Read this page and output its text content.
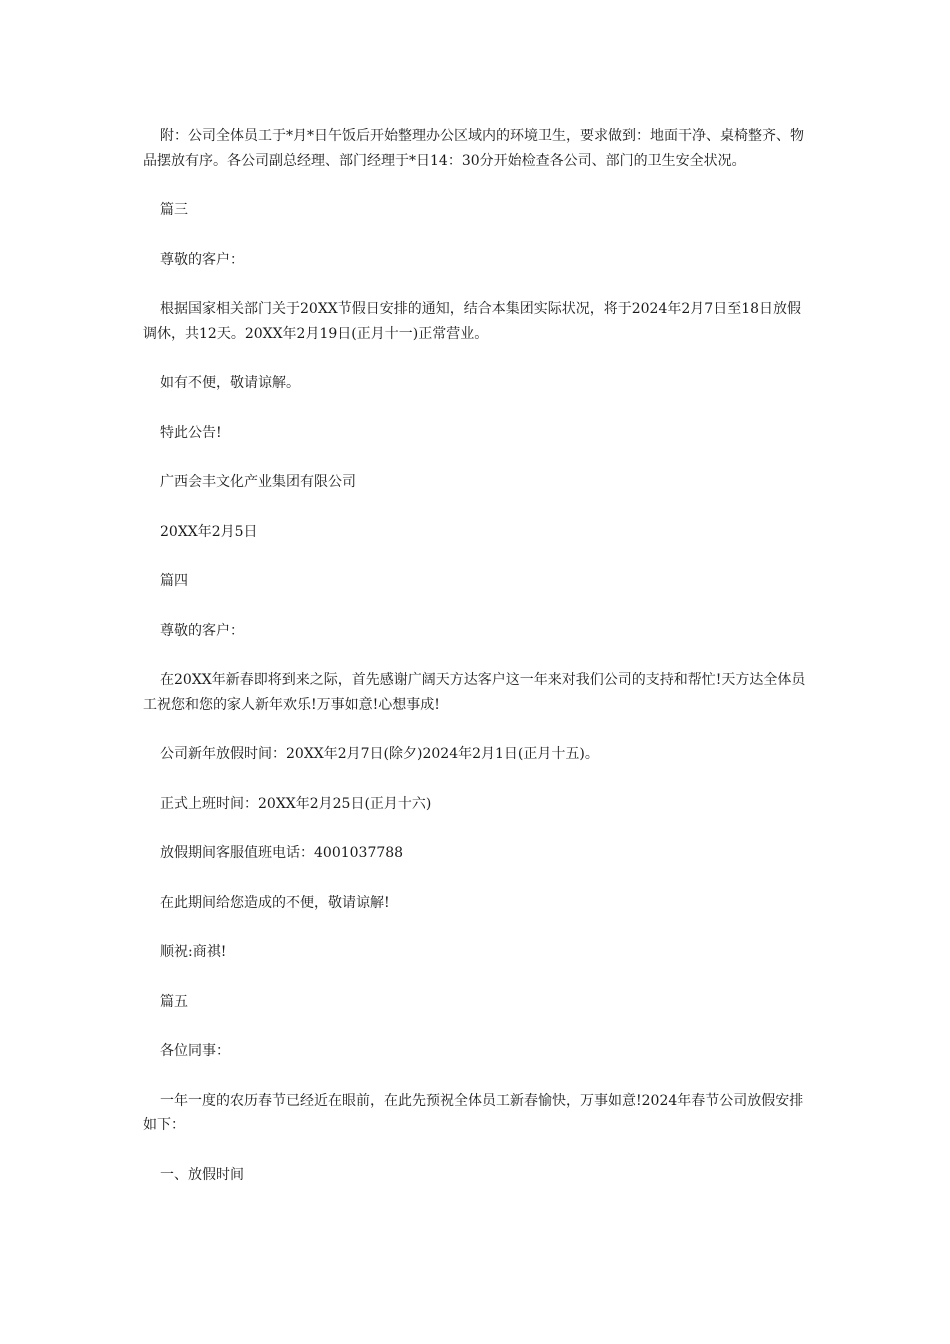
附：公司全体员工于*月*日午饭后开始整理办公区域内的环境卫生，要求做到：地面干净、桌椅整齐、物品摆放有序。各公司副总经理、部门经理于*日14：30分开始检查各公司、部门的卫生安全状况。

篇三

尊敬的客户：

根据国家相关部门关于20XX节假日安排的通知，结合本集团实际状况，将于2024年2月7日至18日放假调休，共12天。20XX年2月19日(正月十一)正常营业。

如有不便，敬请谅解。

特此公告!

广西会丰文化产业集团有限公司

20XX年2月5日

篇四

尊敬的客户：

在20XX年新春即将到来之际，首先感谢广阔天方达客户这一年来对我们公司的支持和帮忙!天方达全体员工祝您和您的家人新年欢乐!万事如意!心想事成!

公司新年放假时间：20XX年2月7日(除夕)2024年2月1日(正月十五)。

正式上班时间：20XX年2月25日(正月十六)

放假期间客服值班电话：4001037788

在此期间给您造成的不便，敬请谅解!

顺祝:商祺!

篇五

各位同事：

一年一度的农历春节已经近在眼前，在此先预祝全体员工新春愉快，万事如意!2024年春节公司放假安排如下：

一、放假时间
